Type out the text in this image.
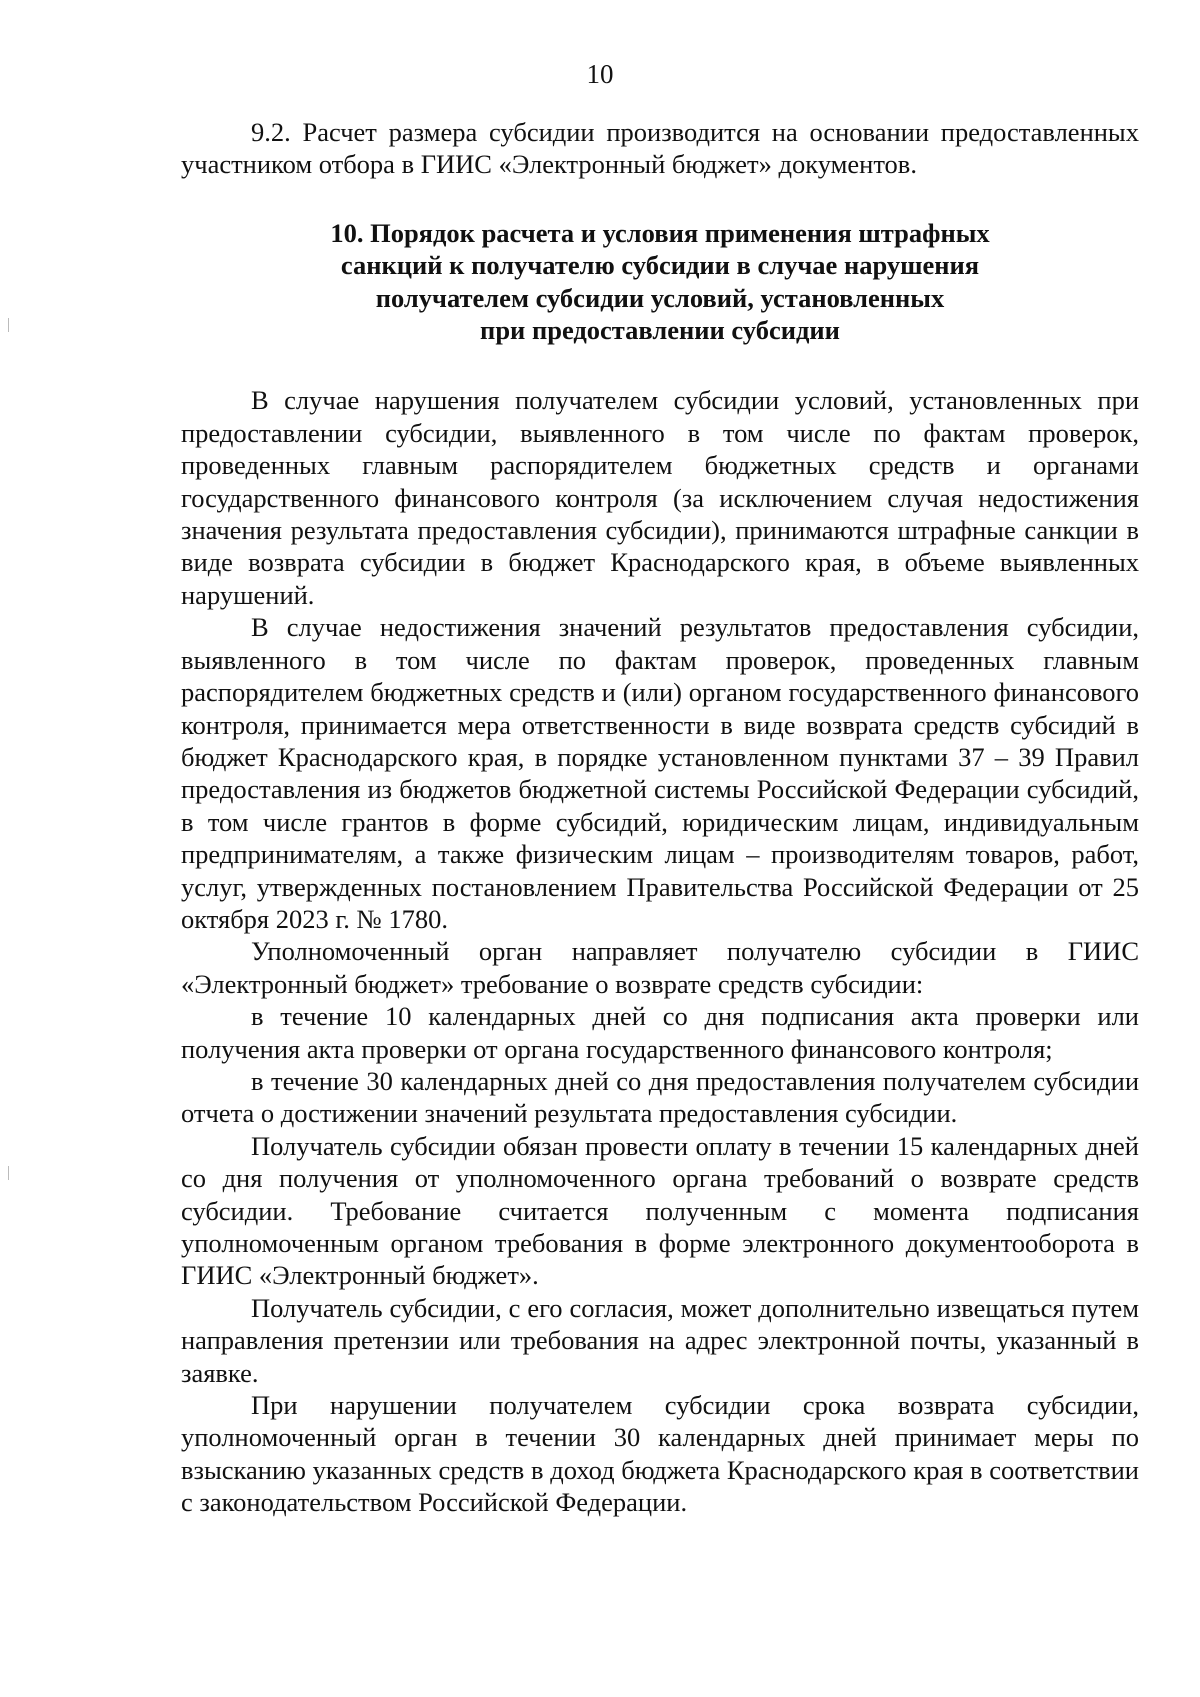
10

9.2. Расчет размера субсидии производится на основании предоставленных участником отбора в ГИИС «Электронный бюджет» документов.

10. Порядок расчета и условия применения штрафных
санкций к получателю субсидии в случае нарушения
получателем субсидии условий, установленных
при предоставлении субсидии

В случае нарушения получателем субсидии условий, установленных при предоставлении субсидии, выявленного в том числе по фактам проверок, проведенных главным распорядителем бюджетных средств и органами государственного финансового контроля (за исключением случая недостижения значения результата предоставления субсидии), принимаются штрафные санкции в виде возврата субсидии в бюджет Краснодарского края, в объеме выявленных нарушений.

В случае недостижения значений результатов предоставления субсидии, выявленного в том числе по фактам проверок, проведенных главным распорядителем бюджетных средств и (или) органом государственного финансового контроля, принимается мера ответственности в виде возврата средств субсидий в бюджет Краснодарского края, в порядке установленном пунктами 37 – 39 Правил предоставления из бюджетов бюджетной системы Российской Федерации субсидий, в том числе грантов в форме субсидий, юридическим лицам, индивидуальным предпринимателям, а также физическим лицам – производителям товаров, работ, услуг, утвержденных постановлением Правительства Российской Федерации от 25 октября 2023 г. № 1780.

Уполномоченный орган направляет получателю субсидии в ГИИС «Электронный бюджет» требование о возврате средств субсидии:

в течение 10 календарных дней со дня подписания акта проверки или получения акта проверки от органа государственного финансового контроля;

в течение 30 календарных дней со дня предоставления получателем субсидии отчета о достижении значений результата предоставления субсидии.

Получатель субсидии обязан провести оплату в течении 15 календарных дней со дня получения от уполномоченного органа требований о возврате средств субсидии. Требование считается полученным с момента подписания уполномоченным органом требования в форме электронного документооборота в ГИИС «Электронный бюджет».

Получатель субсидии, с его согласия, может дополнительно извещаться путем направления претензии или требования на адрес электронной почты, указанный в заявке.

При нарушении получателем субсидии срока возврата субсидии, уполномоченный орган в течении 30 календарных дней принимает меры по взысканию указанных средств в доход бюджета Краснодарского края в соответствии с законодательством Российской Федерации.
